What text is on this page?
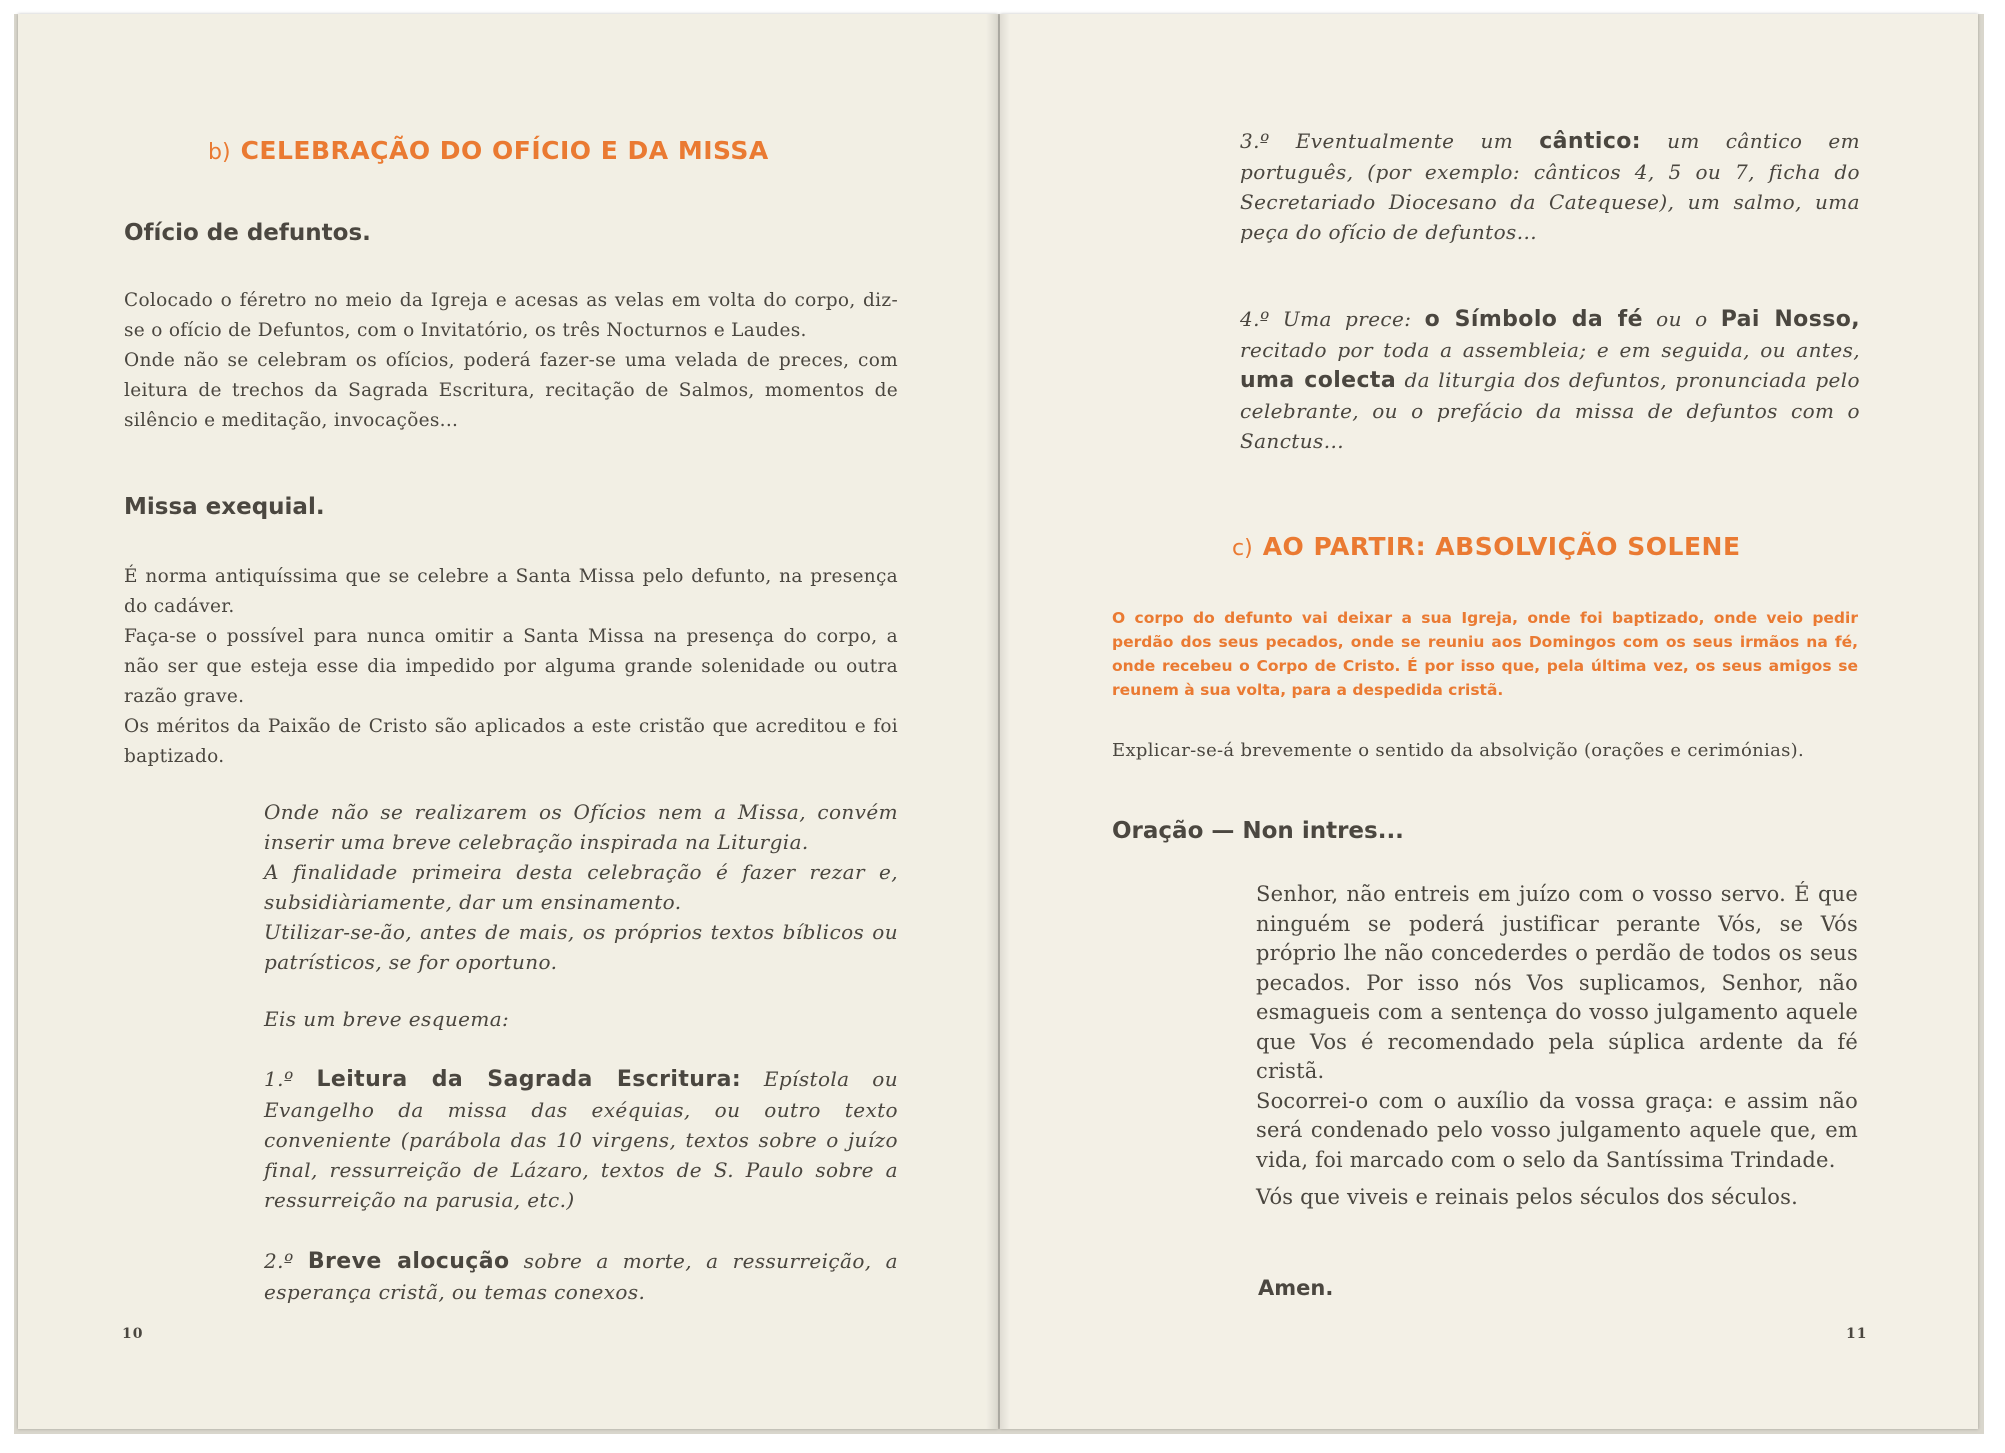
b) CELEBRAÇÃO DO OFÍCIO E DA MISSA
Ofício de defuntos.

Colocado o féretro no meio da Igreja e acesas as velas em volta do corpo, diz-se o ofício de Defuntos, com o Invitatório, os três Nocturnos e Laudes.

Onde não se celebram os ofícios, poderá fazer-se uma velada de preces, com leitura de trechos da Sagrada Escritura, recitação de Salmos, momentos de silêncio e meditação, invocações...

Missa exequial.

É norma antiquíssima que se celebre a Santa Missa pelo defunto, na presença do cadáver.

Faça-se o possível para nunca omitir a Santa Missa na presença do corpo, a não ser que esteja esse dia impedido por alguma grande solenidade ou outra razão grave.

Os méritos da Paixão de Cristo são aplicados a este cristão que acreditou e foi baptizado.

Onde não se realizarem os Ofícios nem a Missa, convém inserir uma breve celebração inspirada na Liturgia.

A finalidade primeira desta celebração é fazer rezar e, subsidiàriamente, dar um ensinamento.

Utilizar-se-ão, antes de mais, os próprios textos bíblicos ou patrísticos, se for oportuno.

Eis um breve esquema:

1.º Leitura da Sagrada Escritura: Epístola ou Evangelho da missa das exéquias, ou outro texto conveniente (parábola das 10 virgens, textos sobre o juízo final, ressurreição de Lázaro, textos de S. Paulo sobre a ressurreição na parusia, etc.)

2.º Breve alocução sobre a morte, a ressurreição, a esperança cristã, ou temas conexos.

10

3.º Eventualmente um cântico: um cântico em português, (por exemplo: cânticos 4, 5 ou 7, ficha do Secretariado Diocesano da Catequese), um salmo, uma peça do ofício de defuntos...

4.º Uma prece: o Símbolo da fé ou o Pai Nosso, recitado por toda a assembleia; e em seguida, ou antes, uma colecta da liturgia dos defuntos, pronunciada pelo celebrante, ou o prefácio da missa de defuntos com o Sanctus...

c) AO PARTIR: ABSOLVIÇÃO SOLENE
O corpo do defunto vai deixar a sua Igreja, onde foi baptizado, onde veio pedir perdão dos seus pecados, onde se reuniu aos Domingos com os seus irmãos na fé, onde recebeu o Corpo de Cristo. É por isso que, pela última vez, os seus amigos se reunem à sua volta, para a despedida cristã.
Explicar-se-á brevemente o sentido da absolvição (orações e cerimónias).
Oração — Non intres...

Senhor, não entreis em juízo com o vosso servo. É que ninguém se poderá justificar perante Vós, se Vós próprio lhe não concederdes o perdão de todos os seus pecados. Por isso nós Vos suplicamos, Senhor, não esmagueis com a sentença do vosso julgamento aquele que Vos é recomendado pela súplica ardente da fé cristã.

Socorrei-o com o auxílio da vossa graça: e assim não será condenado pelo vosso julgamento aquele que, em vida, foi marcado com o selo da Santíssima Trindade.

Vós que viveis e reinais pelos séculos dos séculos.

Amen.
11
